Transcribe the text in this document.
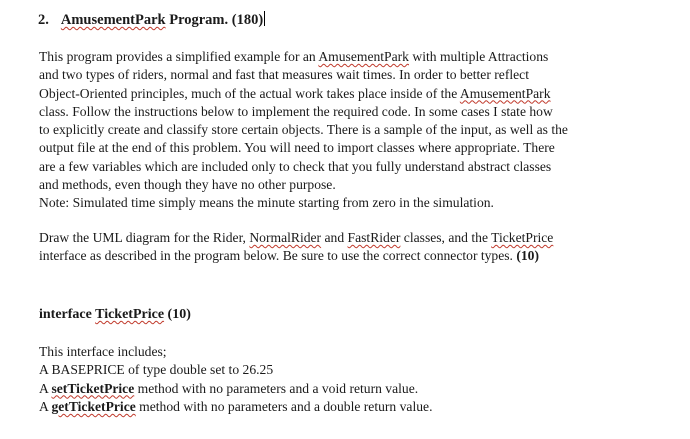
2. AmusementPark Program. (180)
This program provides a simplified example for an AmusementPark with multiple Attractions
and two types of riders, normal and fast that measures wait times. In order to better reflect
Object-Oriented principles, much of the actual work takes place inside of the AmusementPark
class. Follow the instructions below to implement the required code. In some cases I state how
to explicitly create and classify store certain objects. There is a sample of the input, as well as the
output file at the end of this problem. You will need to import classes where appropriate. There
are a few variables which are included only to check that you fully understand abstract classes
and methods, even though they have no other purpose.
Note: Simulated time simply means the minute starting from zero in the simulation.
Draw the UML diagram for the Rider, NormalRider and FastRider classes, and the TicketPrice
interface as described in the program below. Be sure to use the correct connector types. (10)
interface TicketPrice (10)
This interface includes;
A BASEPRICE of type double set to 26.25
A setTicketPrice method with no parameters and a void return value.
A getTicketPrice method with no parameters and a double return value.
